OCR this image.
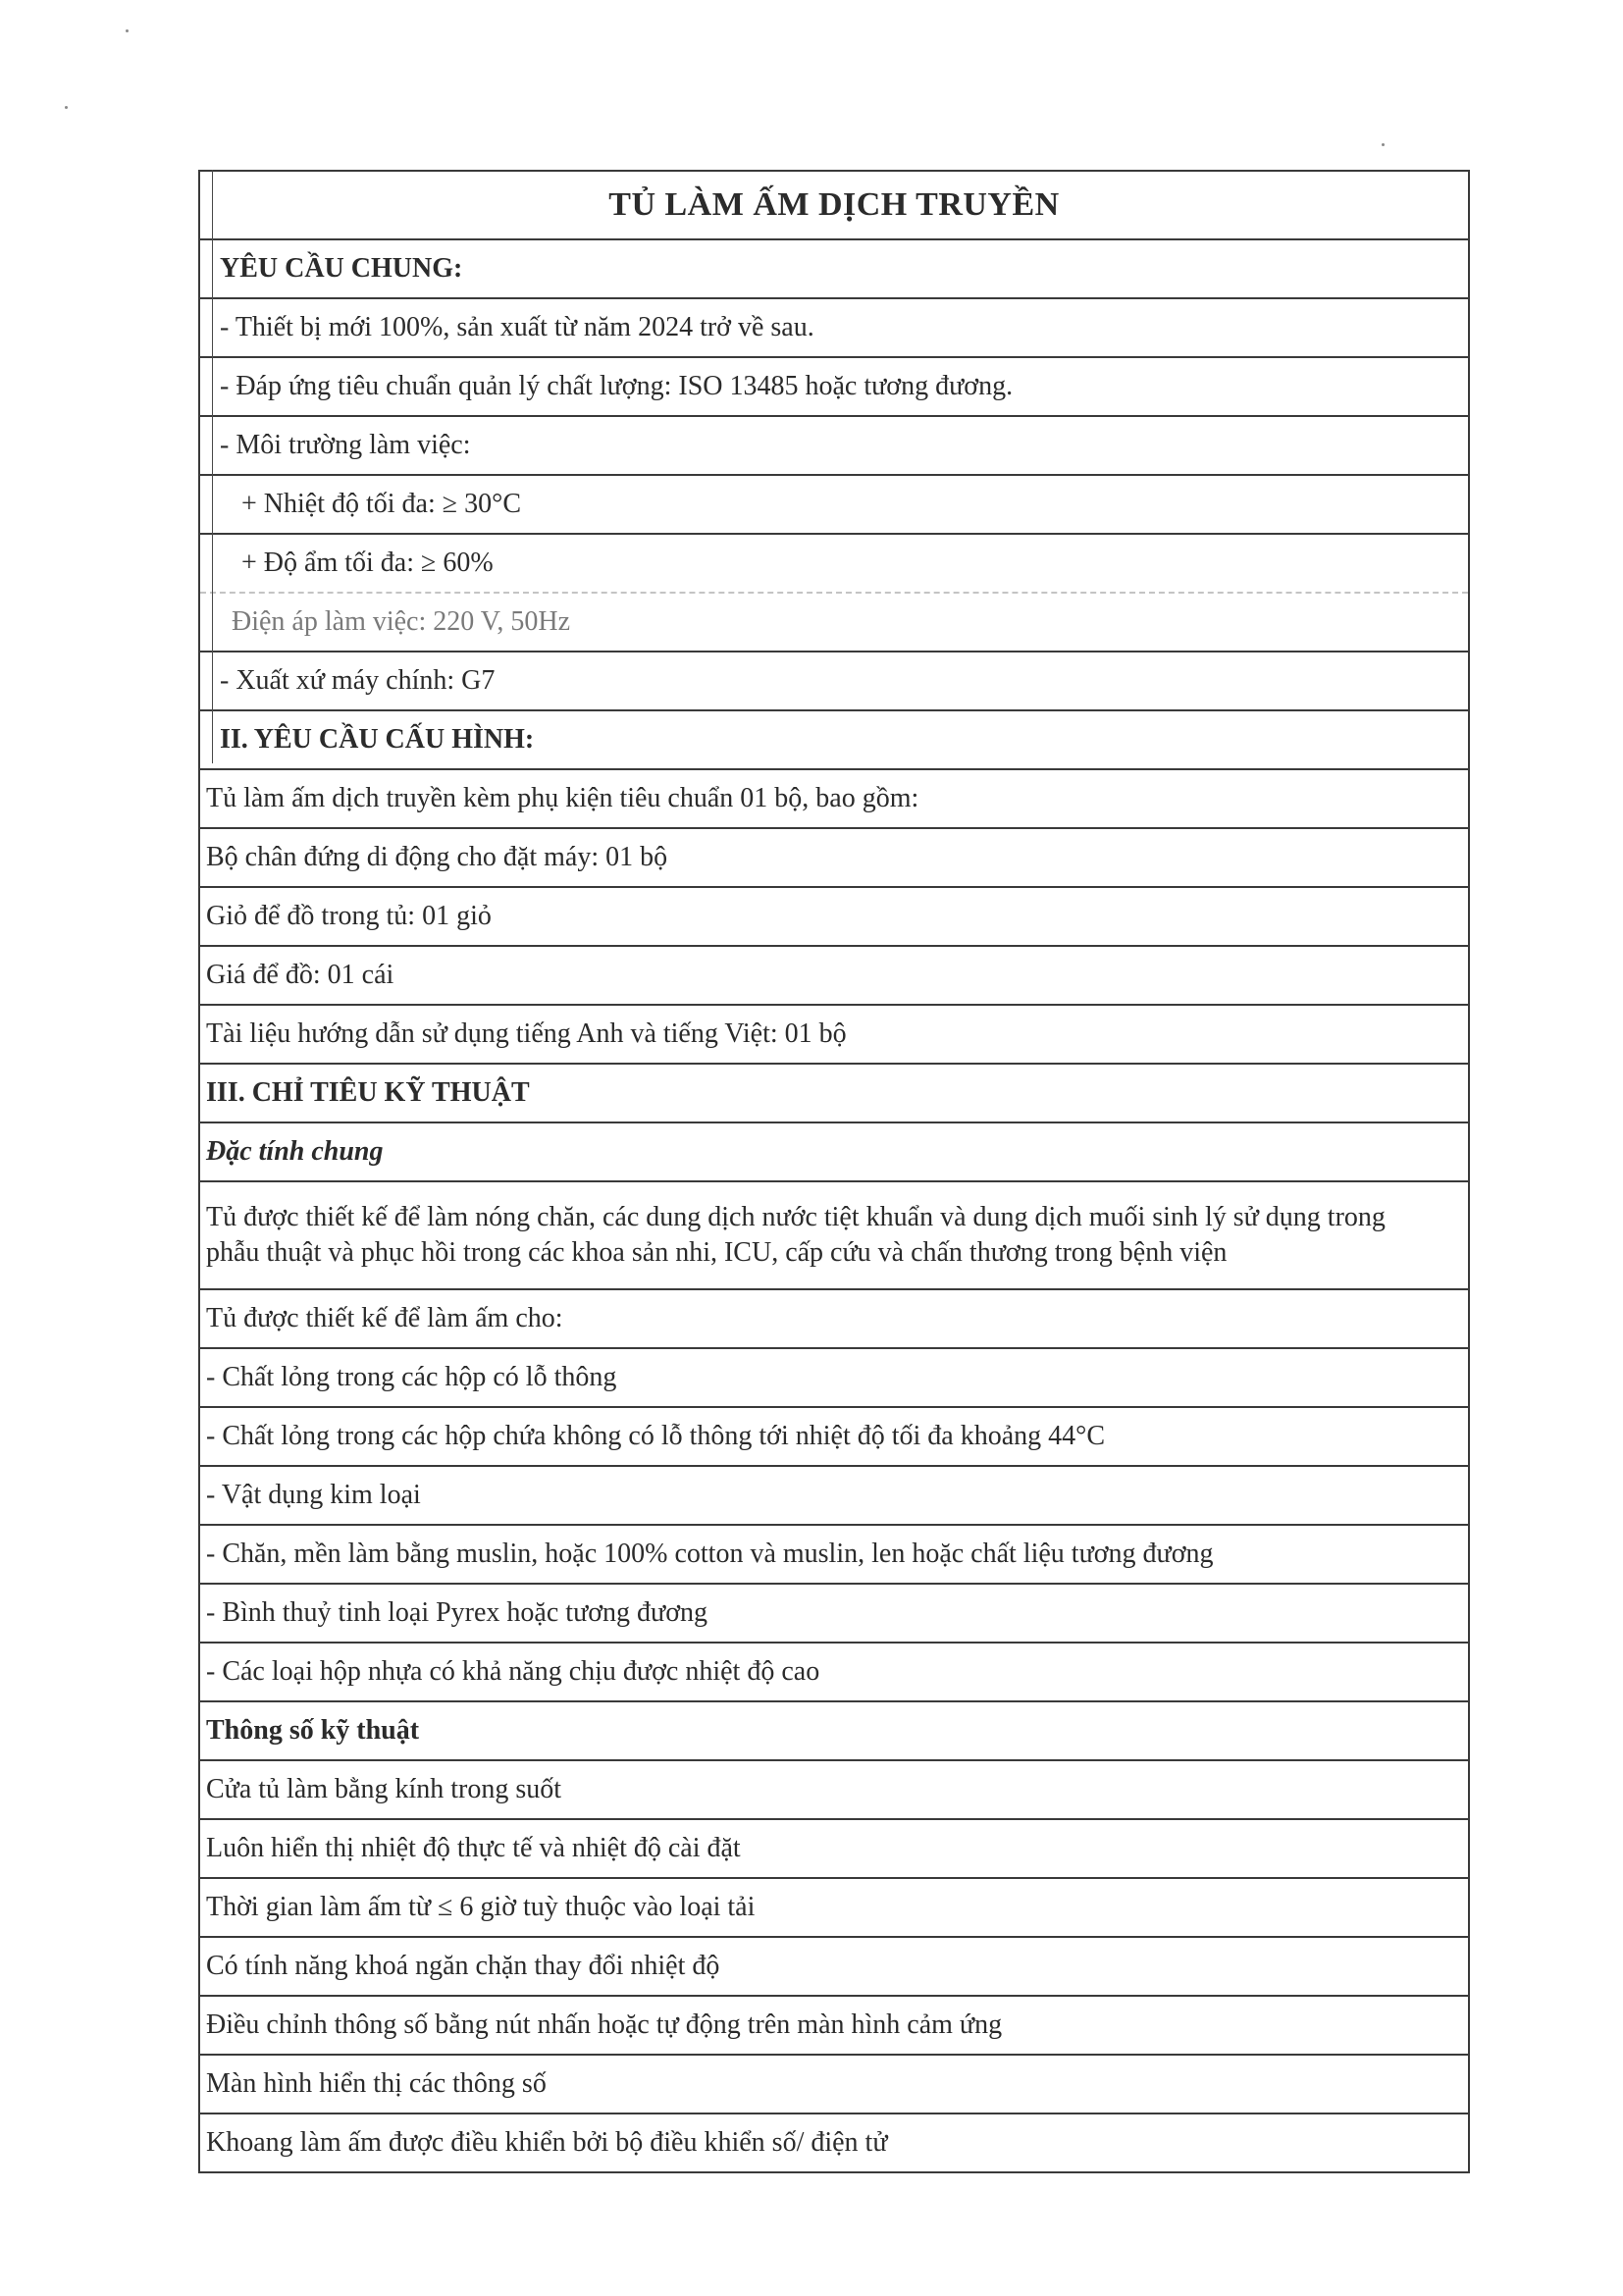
TỦ LÀM ẤM DỊCH TRUYỀN
YÊU CẦU CHUNG:
- Thiết bị mới 100%, sản xuất từ năm 2024 trở về sau.
- Đáp ứng tiêu chuẩn quản lý chất lượng: ISO 13485 hoặc tương đương.
- Môi trường làm việc:
+ Nhiệt độ tối đa: ≥ 30°C
+ Độ ẩm tối đa: ≥ 60%
Điện áp làm việc: 220 V, 50Hz
- Xuất xứ máy chính: G7
II. YÊU CẦU CẤU HÌNH:
Tủ làm ấm dịch truyền kèm phụ kiện tiêu chuẩn 01 bộ, bao gồm:
Bộ chân đứng di động cho đặt máy: 01 bộ
Giỏ để đồ trong tủ: 01 giỏ
Giá để đồ: 01 cái
Tài liệu hướng dẫn sử dụng tiếng Anh và tiếng Việt: 01 bộ
III. CHỈ TIÊU KỸ THUẬT
Đặc tính chung
Tủ được thiết kế để làm nóng chăn, các dung dịch nước tiệt khuẩn và dung dịch muối sinh lý sử dụng trong phẫu thuật và phục hồi trong các khoa sản nhi, ICU, cấp cứu và chấn thương trong bệnh viện
Tủ được thiết kế để làm ấm cho:
- Chất lỏng trong các hộp có lỗ thông
- Chất lỏng trong các hộp chứa không có lỗ thông tới nhiệt độ tối đa khoảng 44°C
- Vật dụng kim loại
- Chăn, mền làm bằng muslin, hoặc 100% cotton và muslin, len hoặc chất liệu tương đương
- Bình thuỷ tinh loại Pyrex hoặc tương đương
- Các loại hộp nhựa có khả năng chịu được nhiệt độ cao
Thông số kỹ thuật
Cửa tủ làm bằng kính trong suốt
Luôn hiển thị nhiệt độ thực tế và nhiệt độ cài đặt
Thời gian làm ấm từ ≤ 6 giờ tuỳ thuộc vào loại tải
Có tính năng khoá ngăn chặn thay đổi nhiệt độ
Điều chỉnh thông số bằng nút nhấn hoặc tự động trên màn hình cảm ứng
Màn hình hiển thị các thông số
Khoang làm ấm được điều khiển bởi bộ điều khiển số/ điện tử
